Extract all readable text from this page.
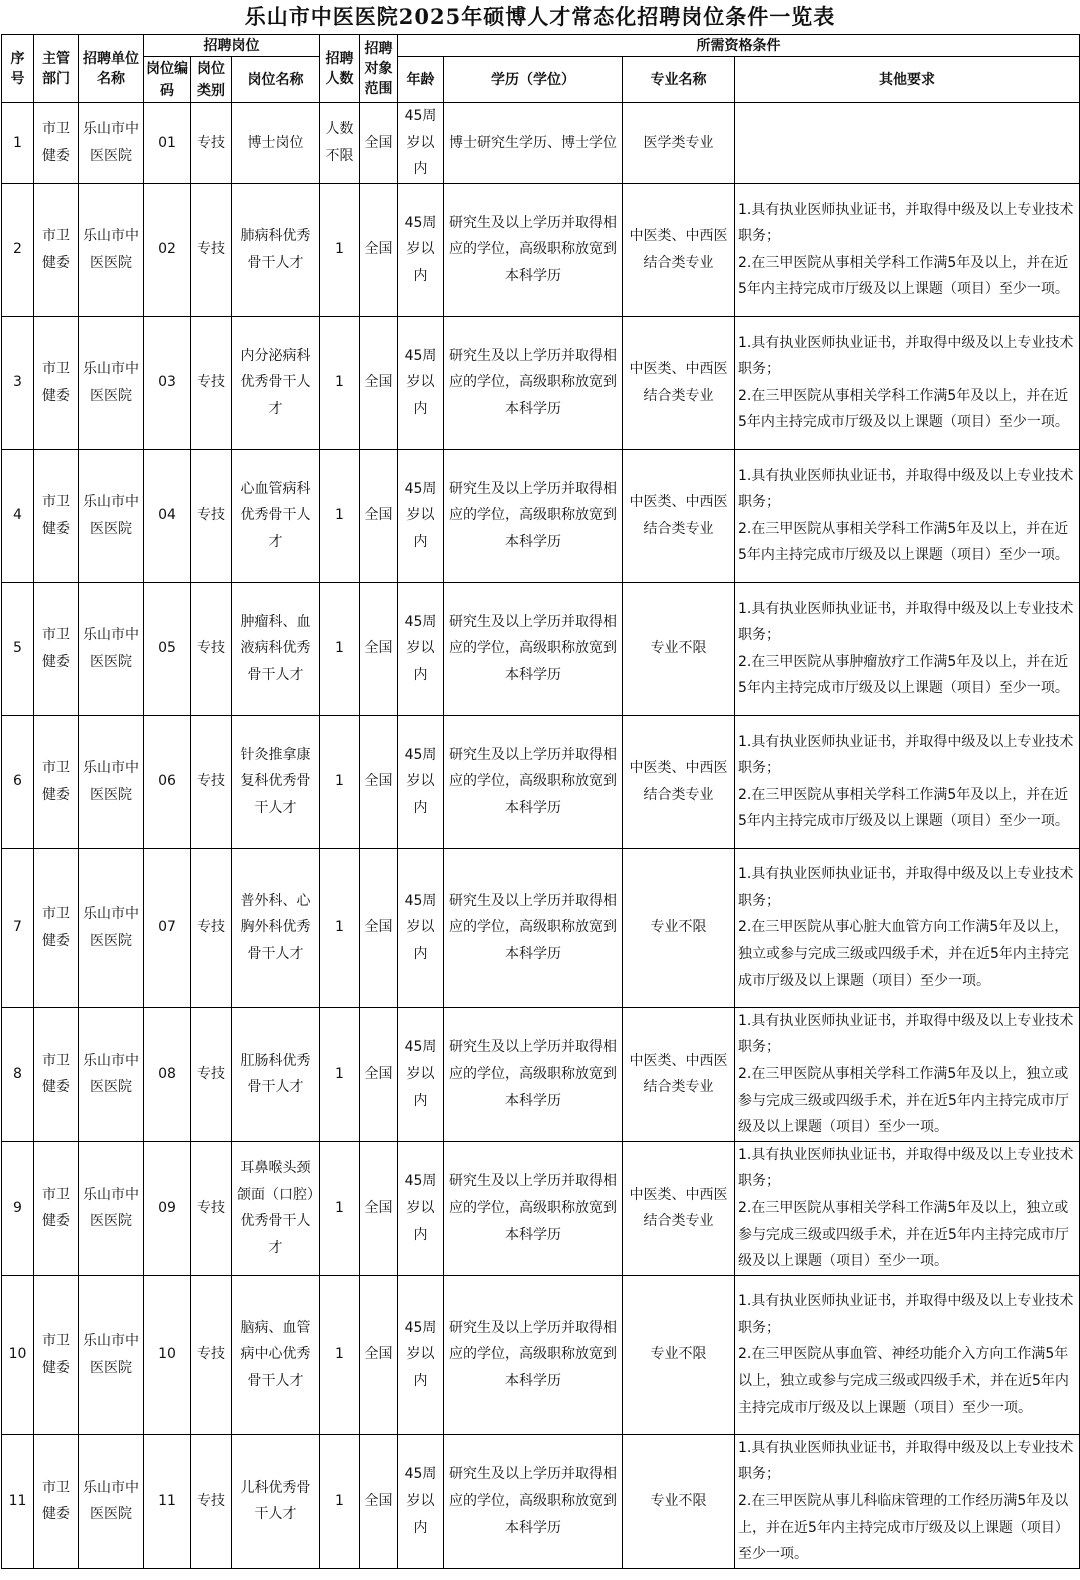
乐山市中医医院2025年硕博人才常态化招聘岗位条件一览表
序号	主管部门	招聘单位名称	招聘岗位			招聘人数	招聘对象范围	所需资格条件			
			岗位编码	岗位类别	岗位名称			年龄	学历（学位）	专业名称	其他要求
1	市卫健委	乐山市中医医院	01	专技	博士岗位	人数不限	全国	45周岁以内	博士研究生学历、博士学位	医学类专业	
2	市卫健委	乐山市中医医院	02	专技	肺病科优秀骨干人才	1	全国	45周岁以内	研究生及以上学历并取得相应的学位，高级职称放宽到本科学历	中医类、中西医结合类专业	1.具有执业医师执业证书，并取得中级及以上专业技术职务；
2.在三甲医院从事相关学科工作满5年及以上，并在近5年内主持完成市厅级及以上课题（项目）至少一项。
3	市卫健委	乐山市中医医院	03	专技	内分泌病科优秀骨干人才	1	全国	45周岁以内	研究生及以上学历并取得相应的学位，高级职称放宽到本科学历	中医类、中西医结合类专业	1.具有执业医师执业证书，并取得中级及以上专业技术职务；
2.在三甲医院从事相关学科工作满5年及以上，并在近5年内主持完成市厅级及以上课题（项目）至少一项。
4	市卫健委	乐山市中医医院	04	专技	心血管病科优秀骨干人才	1	全国	45周岁以内	研究生及以上学历并取得相应的学位，高级职称放宽到本科学历	中医类、中西医结合类专业	1.具有执业医师执业证书，并取得中级及以上专业技术职务；
2.在三甲医院从事相关学科工作满5年及以上，并在近5年内主持完成市厅级及以上课题（项目）至少一项。
5	市卫健委	乐山市中医医院	05	专技	肿瘤科、血液病科优秀骨干人才	1	全国	45周岁以内	研究生及以上学历并取得相应的学位，高级职称放宽到本科学历	专业不限	1.具有执业医师执业证书，并取得中级及以上专业技术职务；
2.在三甲医院从事肿瘤放疗工作满5年及以上，并在近5年内主持完成市厅级及以上课题（项目）至少一项。
6	市卫健委	乐山市中医医院	06	专技	针灸推拿康复科优秀骨干人才	1	全国	45周岁以内	研究生及以上学历并取得相应的学位，高级职称放宽到本科学历	中医类、中西医结合类专业	1.具有执业医师执业证书，并取得中级及以上专业技术职务；
2.在三甲医院从事相关学科工作满5年及以上，并在近5年内主持完成市厅级及以上课题（项目）至少一项。
7	市卫健委	乐山市中医医院	07	专技	普外科、心胸外科优秀骨干人才	1	全国	45周岁以内	研究生及以上学历并取得相应的学位，高级职称放宽到本科学历	专业不限	1.具有执业医师执业证书，并取得中级及以上专业技术职务；
2.在三甲医院从事心脏大血管方向工作满5年及以上，独立或参与完成三级或四级手术，并在近5年内主持完成市厅级及以上课题（项目）至少一项。
8	市卫健委	乐山市中医医院	08	专技	肛肠科优秀骨干人才	1	全国	45周岁以内	研究生及以上学历并取得相应的学位，高级职称放宽到本科学历	中医类、中西医结合类专业	1.具有执业医师执业证书，并取得中级及以上专业技术职务；
2.在三甲医院从事相关学科工作满5年及以上，独立或参与完成三级或四级手术，并在近5年内主持完成市厅级及以上课题（项目）至少一项。
9	市卫健委	乐山市中医医院	09	专技	耳鼻喉头颈颌面（口腔）优秀骨干人才	1	全国	45周岁以内	研究生及以上学历并取得相应的学位，高级职称放宽到本科学历	中医类、中西医结合类专业	1.具有执业医师执业证书，并取得中级及以上专业技术职务；
2.在三甲医院从事相关学科工作满5年及以上，独立或参与完成三级或四级手术，并在近5年内主持完成市厅级及以上课题（项目）至少一项。
10	市卫健委	乐山市中医医院	10	专技	脑病、血管病中心优秀骨干人才	1	全国	45周岁以内	研究生及以上学历并取得相应的学位，高级职称放宽到本科学历	专业不限	1.具有执业医师执业证书，并取得中级及以上专业技术职务；
2.在三甲医院从事血管、神经功能介入方向工作满5年以上，独立或参与完成三级或四级手术，并在近5年内主持完成市厅级及以上课题（项目）至少一项。
11	市卫健委	乐山市中医医院	11	专技	儿科优秀骨干人才	1	全国	45周岁以内	研究生及以上学历并取得相应的学位，高级职称放宽到本科学历	专业不限	1.具有执业医师执业证书，并取得中级及以上专业技术职务；
2.在三甲医院从事儿科临床管理的工作经历满5年及以上，并在近5年内主持完成市厅级及以上课题（项目）至少一项。
